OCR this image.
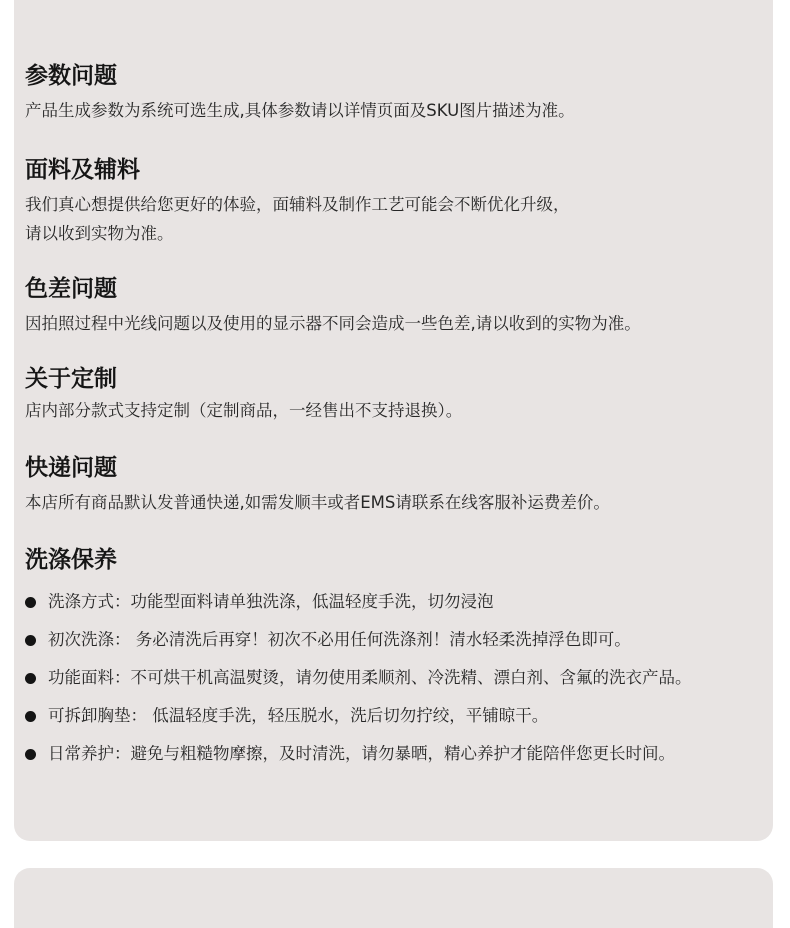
参数问题
产品生成参数为系统可选生成,具体参数请以详情页面及SKU图片描述为准。
面料及辅料
我们真心想提供给您更好的体验，面辅料及制作工艺可能会不断优化升级，
请以收到实物为准。
色差问题
因拍照过程中光线问题以及使用的显示器不同会造成一些色差,请以收到的实物为准。
关于定制
店内部分款式支持定制（定制商品，一经售出不支持退换）。
快递问题
本店所有商品默认发普通快递,如需发顺丰或者EMS请联系在线客服补运费差价。
洗涤保养
洗涤方式：功能型面料请单独洗涤，低温轻度手洗，切勿浸泡
初次洗涤： 务必清洗后再穿！初次不必用任何洗涤剂！清水轻柔洗掉浮色即可。
功能面料：不可烘干机高温熨烫，请勿使用柔顺剂、冷洗精、漂白剂、含氟的洗衣产品。
可拆卸胸垫： 低温轻度手洗，轻压脱水，洗后切勿拧绞，平铺晾干。
日常养护：避免与粗糙物摩擦，及时清洗，请勿暴晒，精心养护才能陪伴您更长时间。
